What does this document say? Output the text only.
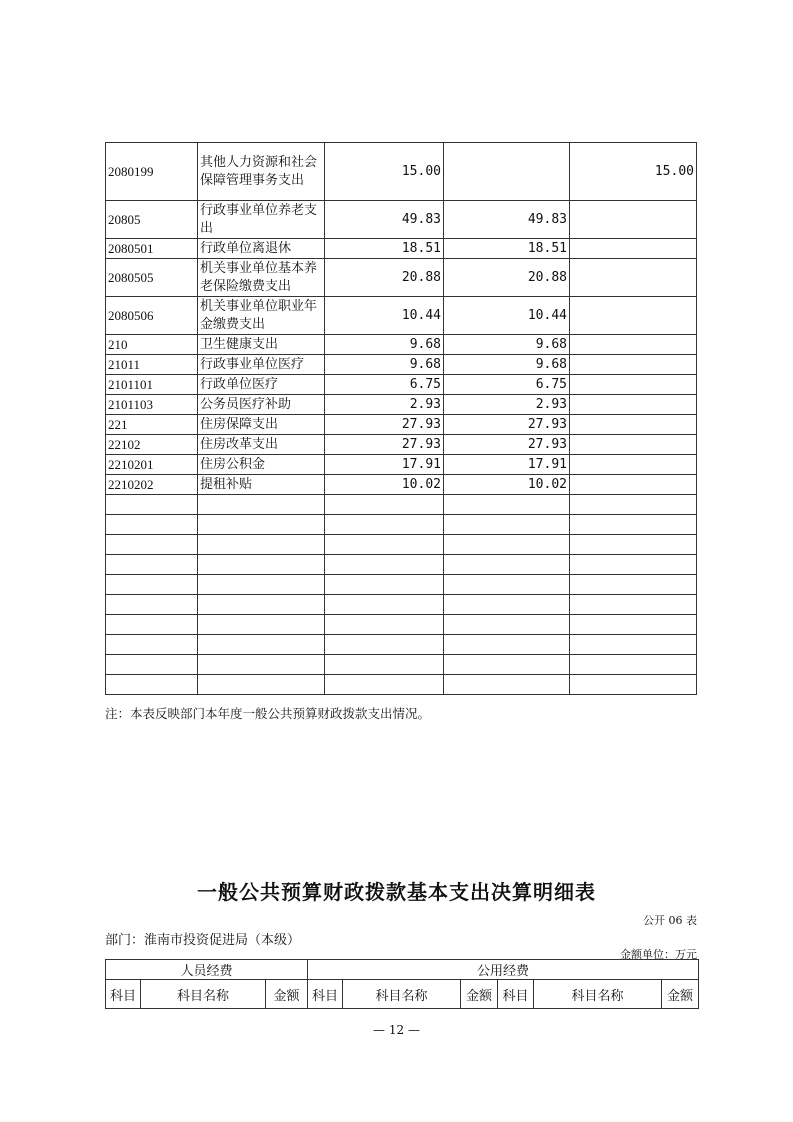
2080199	其他人力资源和社会保障管理事务支出	15.00		15.00
20805	行政事业单位养老支出	49.83	49.83	
2080501	行政单位离退休	18.51	18.51	
2080505	机关事业单位基本养老保险缴费支出	20.88	20.88	
2080506	机关事业单位职业年金缴费支出	10.44	10.44	
210	卫生健康支出	9.68	9.68	
21011	行政事业单位医疗	9.68	9.68	
2101101	行政单位医疗	6.75	6.75	
2101103	公务员医疗补助	2.93	2.93	
221	住房保障支出	27.93	27.93	
22102	住房改革支出	27.93	27.93	
2210201	住房公积金	17.91	17.91	
2210202	提租补贴	10.02	10.02	

注：本表反映部门本年度一般公共预算财政拨款支出情况。
一般公共预算财政拨款基本支出决算明细表
公开 06 表
部门：淮南市投资促进局（本级）
金额单位：万元
人员经费			公用经费					
科目	科目名称	金额	科目	科目名称	金额	科目	科目名称	金额
— 12 —
